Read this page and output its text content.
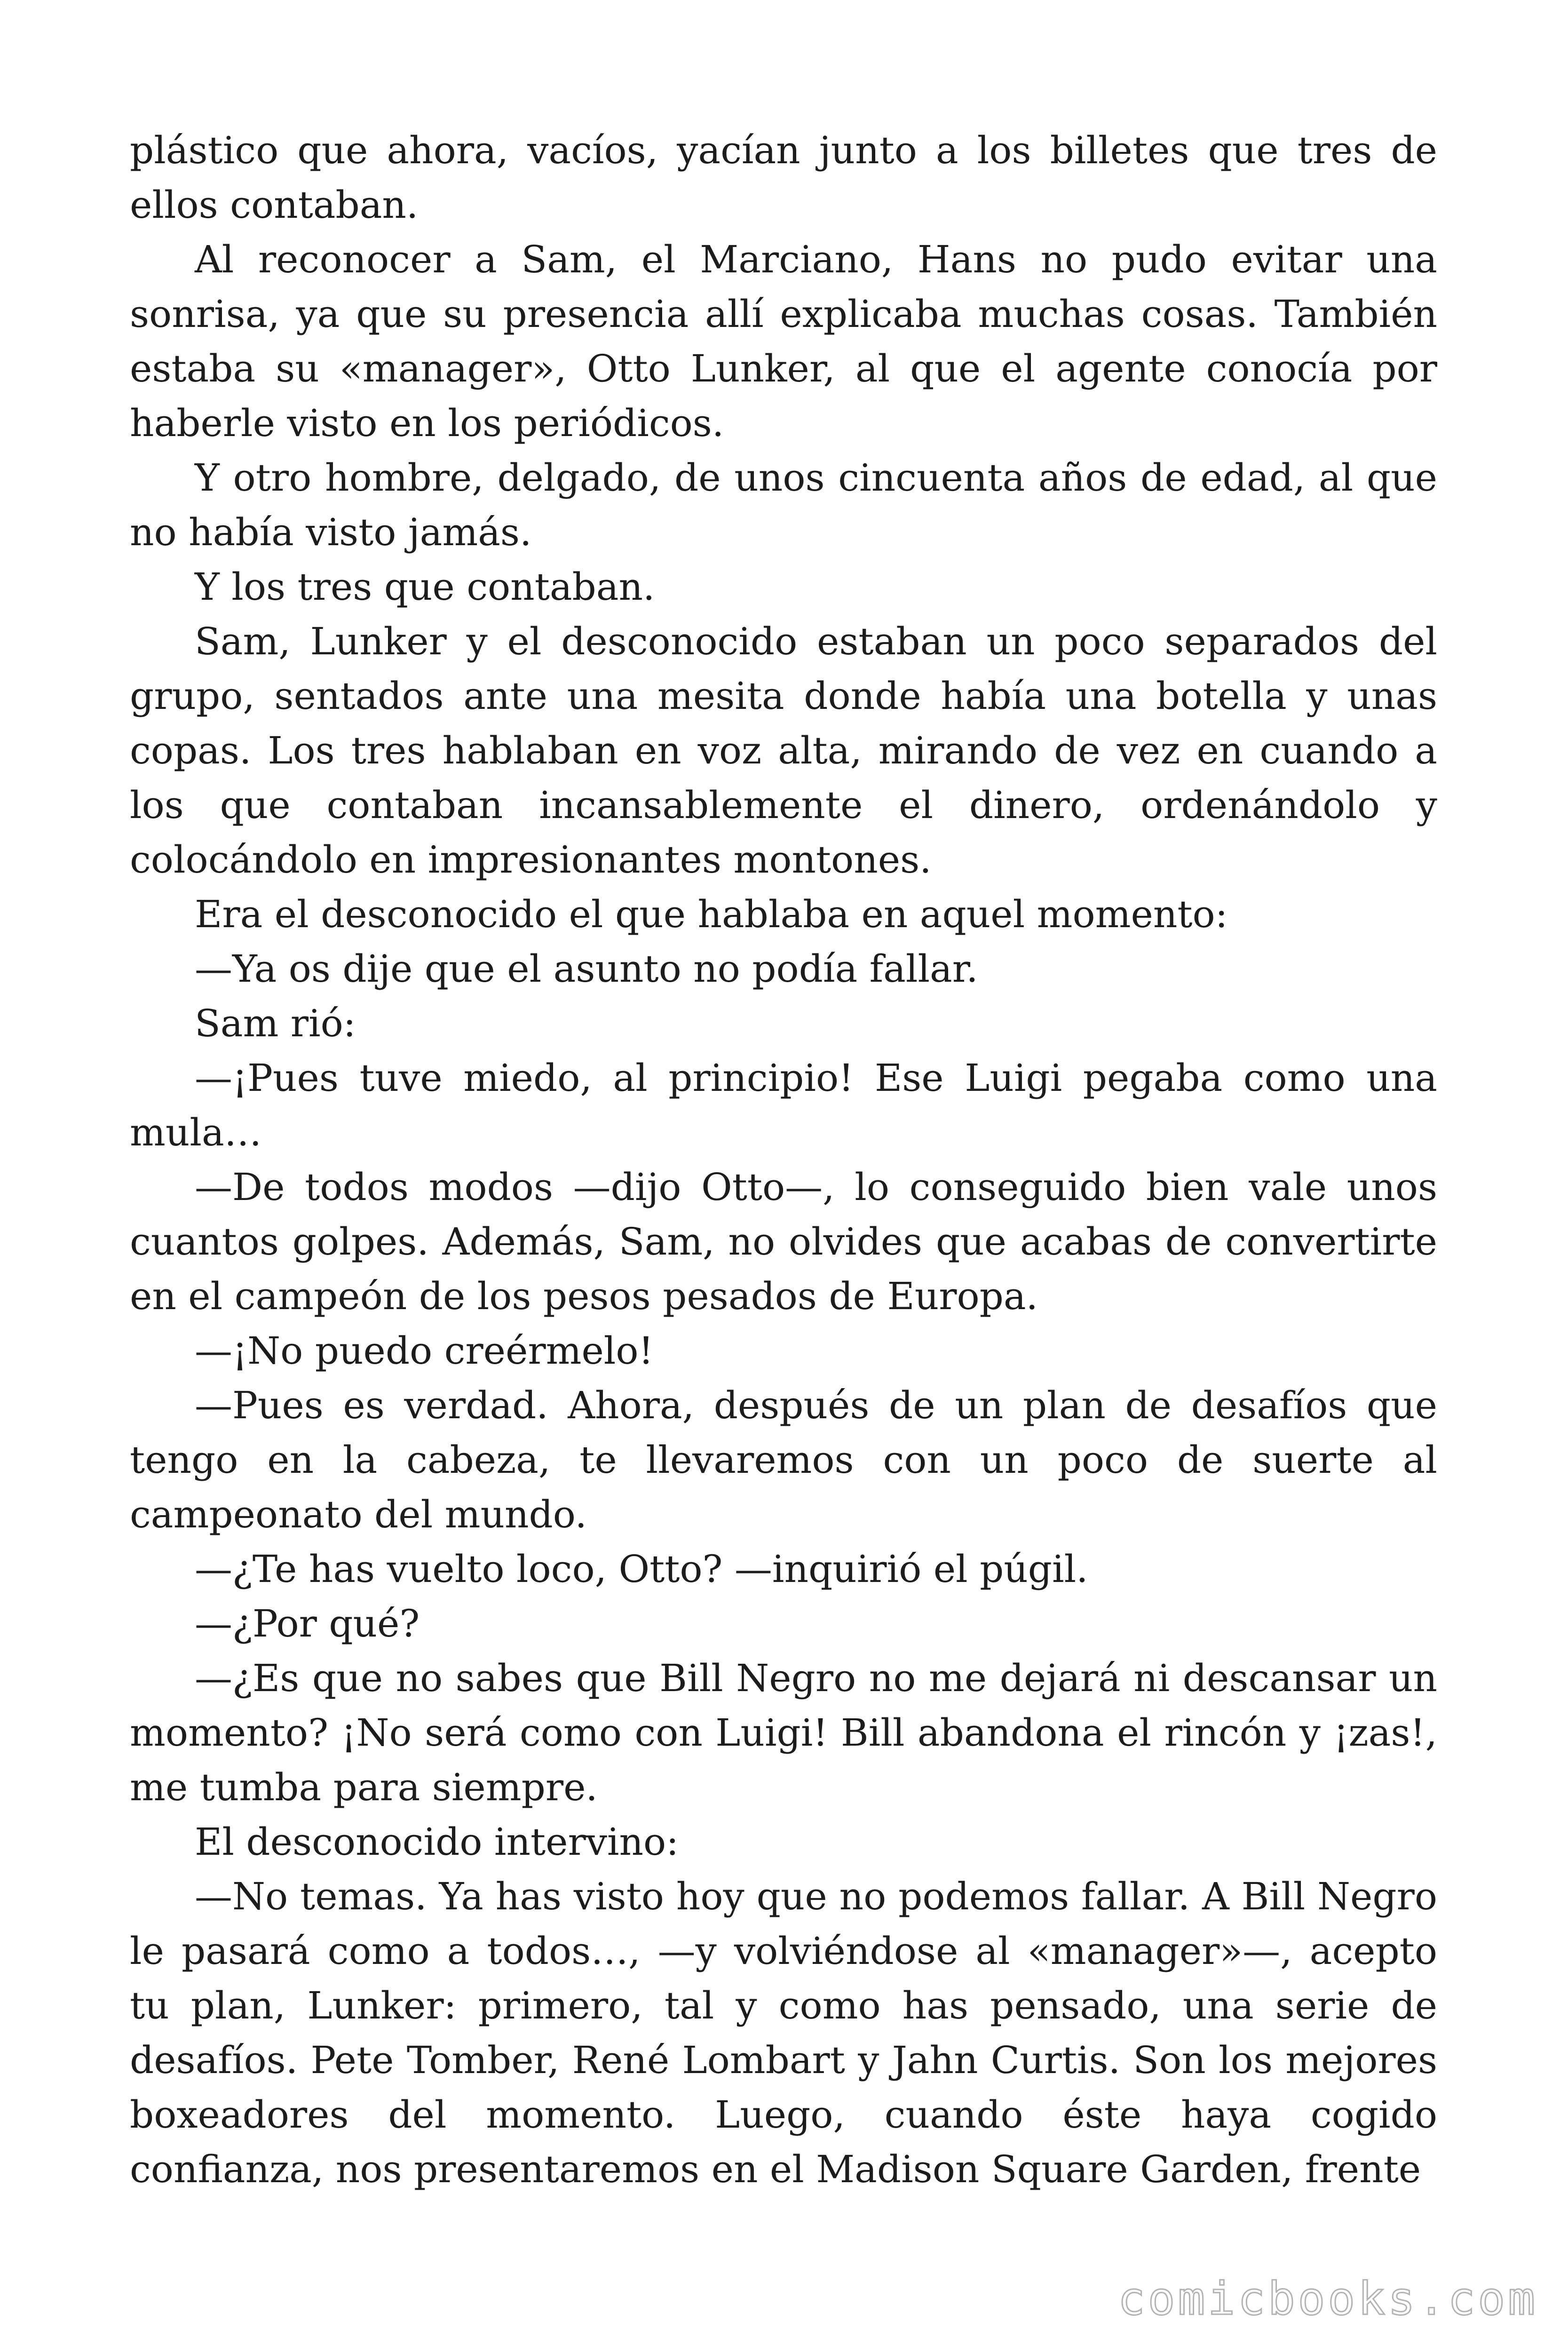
plástico que ahora, vacíos, yacían junto a los billetes que tres de ellos contaban.

Al reconocer a Sam, el Marciano, Hans no pudo evitar una sonrisa, ya que su presencia allí explicaba muchas cosas. También estaba su «manager», Otto Lunker, al que el agente conocía por haberle visto en los periódicos.

Y otro hombre, delgado, de unos cincuenta años de edad, al que no había visto jamás.

Y los tres que contaban.

Sam, Lunker y el desconocido estaban un poco separados del grupo, sentados ante una mesita donde había una botella y unas copas. Los tres hablaban en voz alta, mirando de vez en cuando a los que contaban incansablemente el dinero, ordenándolo y colocándolo en impresionantes montones.

Era el desconocido el que hablaba en aquel momento:

—Ya os dije que el asunto no podía fallar.

Sam rió:

—¡Pues tuve miedo, al principio! Ese Luigi pegaba como una mula…

—De todos modos —dijo Otto—, lo conseguido bien vale unos cuantos golpes. Además, Sam, no olvides que acabas de convertirte en el campeón de los pesos pesados de Europa.

—¡No puedo creérmelo!

—Pues es verdad. Ahora, después de un plan de desafíos que tengo en la cabeza, te llevaremos con un poco de suerte al campeonato del mundo.

—¿Te has vuelto loco, Otto? —inquirió el púgil.

—¿Por qué?

—¿Es que no sabes que Bill Negro no me dejará ni descansar un momento? ¡No será como con Luigi! Bill abandona el rincón y ¡zas!, me tumba para siempre.

El desconocido intervino:

—No temas. Ya has visto hoy que no podemos fallar. A Bill Negro le pasará como a todos…, —y volviéndose al «manager»—, acepto tu plan, Lunker: primero, tal y como has pensado, una serie de desafíos. Pete Tomber, René Lombart y Jahn Curtis. Son los mejores boxeadores del momento. Luego, cuando éste haya cogido confianza, nos presentaremos en el Madison Square Garden, frente

comicbooks.com
